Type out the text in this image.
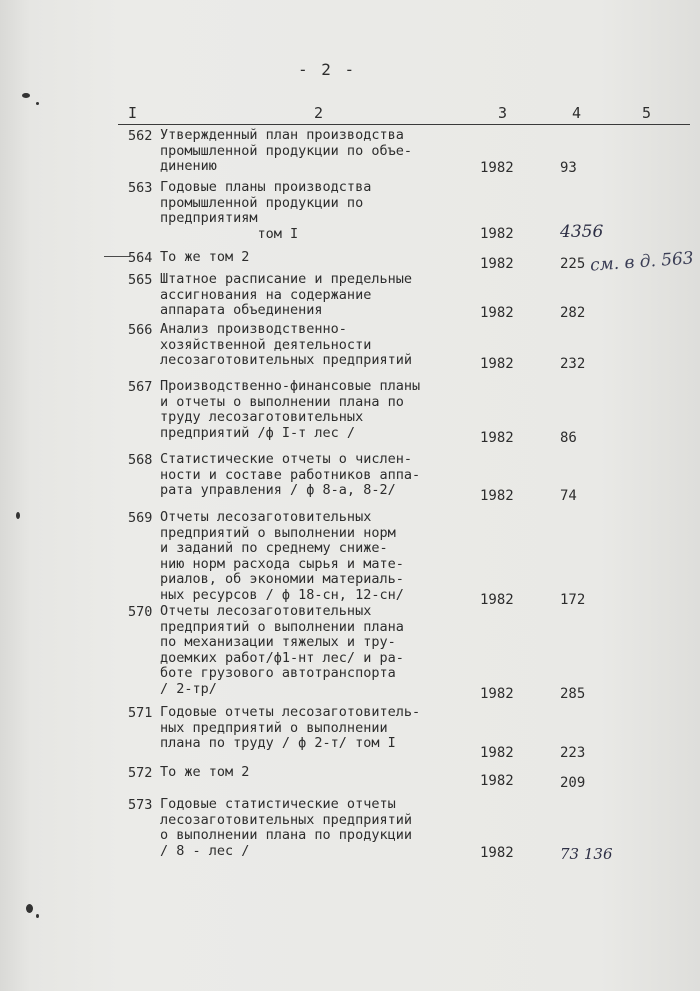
- 2 -
I	2	3	4	5
562 Утвержденный план производства
промышленной продукции по объе-
динению	1982	93
563 Годовые планы производства
промышленной продукции по
предприятиям
том I	1982	4356
564 То же том 2	1982	225 см. в д. 563
565 Штатное расписание и предельные
ассигнования на содержание
аппарата объединения	1982	282
566 Анализ производственно-
хозяйственной деятельности
лесозаготовительных предприятий	1982	232
567 Производственно-финансовые планы
и отчеты о выполнении плана по
труду лесозаготовительных
предприятий /ф I-т лес /	1982	86
568 Статистические отчеты о числен-
ности и составе работников аппа-
рата управления / ф 8-а, 8-2/	1982	74
569 Отчеты лесозаготовительных
предприятий о выполнении норм
и заданий по среднему сниже-
нию норм расхода сырья и мате-
риалов, об экономии материаль-
ных ресурсов / ф 18-сн, 12-сн/	1982	172
570 Отчеты лесозаготовительных
предприятий о выполнении плана
по механизации тяжелых и тру-
доемких работ/ф1-нт лес/ и ра-
боте грузового автотранспорта
/ 2-тр/	1982	285
571 Годовые отчеты лесозаготовитель-
ных предприятий о выполнении
плана по труду / ф 2-т/ том I
1982	223
572 То же том 2
1982	209
573 Годовые статистические отчеты
лесозаготовительных предприятий
о выполнении плана по продукции
/ 8 - лес /	1982	73 136
